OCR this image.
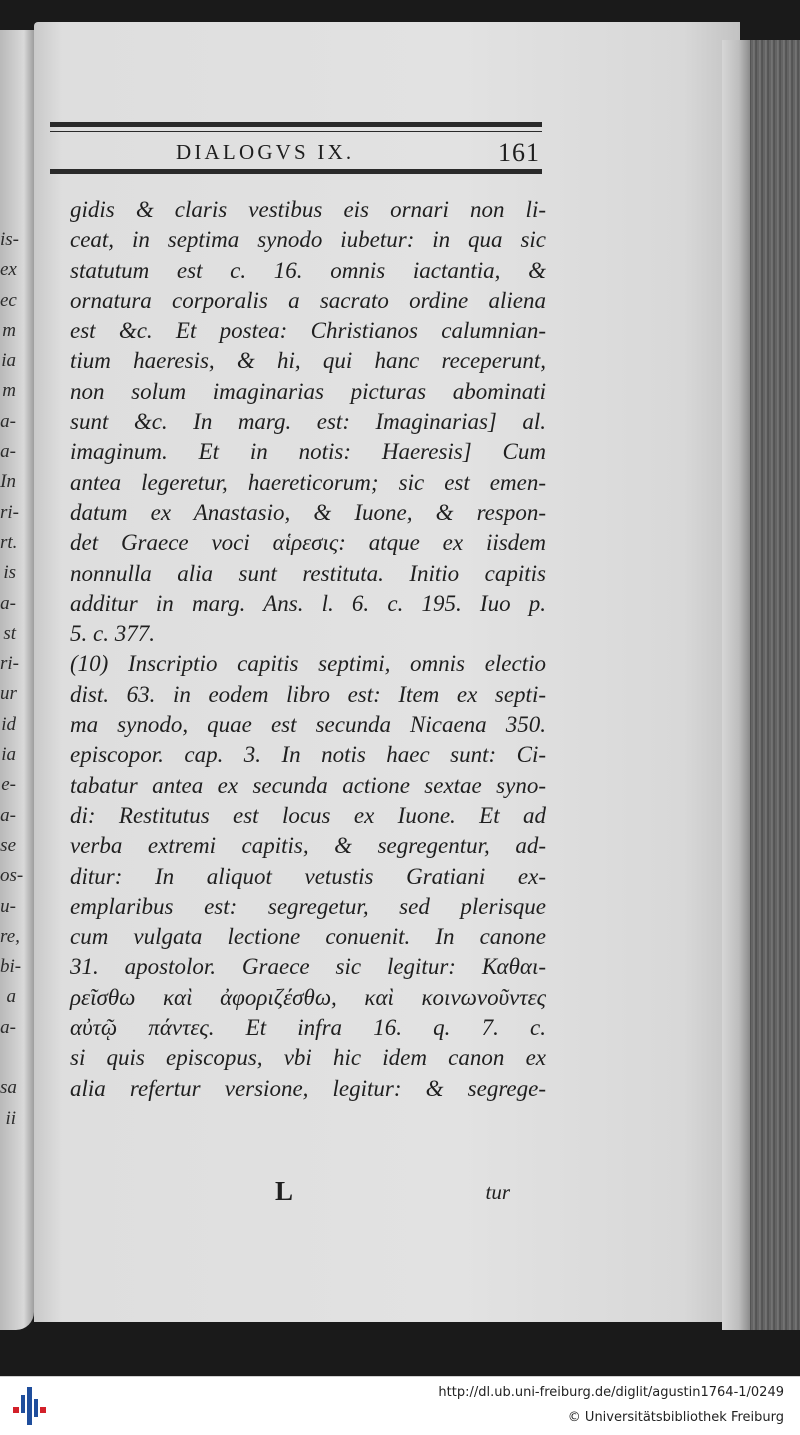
is-
ex
ec
m
ia
m
a-
a-
In
ri-
rt.
is
a-
st
ri-
ur
id
ia
e-
a-
se
os-
u-
re,
bi-
a
a-
sa
ii
DIALOGVS IX.	161
gidis & claris vestibus eis ornari non li-
ceat, in septima synodo iubetur: in qua sic
statutum est c. 16. omnis iactantia, &
ornatura corporalis a sacrato ordine aliena
est &c. Et postea: Christianos calumnian-
tium haeresis, & hi, qui hanc receperunt,
non solum imaginarias picturas abominati
sunt &c. In marg. est: Imaginarias] al.
imaginum. Et in notis: Haeresis] Cum
antea legeretur, haereticorum; sic est emen-
datum ex Anastasio, & Iuone, & respon-
det Graece voci αἱρεσις: atque ex iisdem
nonnulla alia sunt restituta. Initio capitis
additur in marg. Ans. l. 6. c. 195. Iuo p.
5. c. 377.
(10) Inscriptio capitis septimi, omnis electio
dist. 63. in eodem libro est: Item ex septi-
ma synodo, quae est secunda Nicaena 350.
episcopor. cap. 3. In notis haec sunt: Ci-
tabatur antea ex secunda actione sextae syno-
di: Restitutus est locus ex Iuone. Et ad
verba extremi capitis, & segregentur, ad-
ditur: In aliquot vetustis Gratiani ex-
emplaribus est: segregetur, sed plerisque
cum vulgata lectione conuenit. In canone
31. apostolor. Graece sic legitur: Καθαι-
ρεῖσθω καὶ ἀφοριζέσθω, καὶ κοινωνοῦντες
αὐτῷ πάντες. Et infra 16. q. 7. c.
si quis episcopus, vbi hic idem canon ex
alia refertur versione, legitur: & segrege-
L	tur
http://dl.ub.uni-freiburg.de/diglit/agustin1764-1/0249
© Universitätsbibliothek Freiburg
